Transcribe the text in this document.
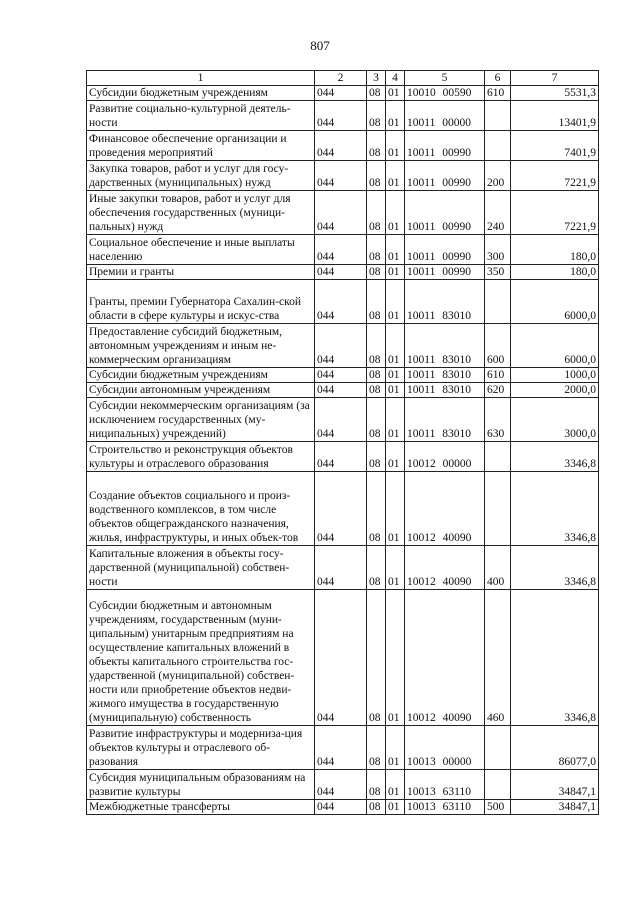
807
1	2	3	4	5	6	7
Субсидии бюджетным учреждениям	044	08	01	10010 00590	610	5531,3
Развитие социально-культурной деятель-ности	044	08	01	10011 00000		13401,9
Финансовое обеспечение организации и проведения мероприятий	044	08	01	10011 00990		7401,9
Закупка товаров, работ и услуг для госу-дарственных (муниципальных) нужд	044	08	01	10011 00990	200	7221,9
Иные закупки товаров, работ и услуг для обеспечения государственных (муници-пальных) нужд	044	08	01	10011 00990	240	7221,9
Социальное обеспечение и иные выплаты населению	044	08	01	10011 00990	300	180,0
Премии и гранты	044	08	01	10011 00990	350	180,0
Гранты, премии Губернатора Сахалин-ской области в сфере культуры и искус-ства	044	08	01	10011 83010		6000,0
Предоставление субсидий бюджетным, автономным учреждениям и иным не-коммерческим организациям	044	08	01	10011 83010	600	6000,0
Субсидии бюджетным учреждениям	044	08	01	10011 83010	610	1000,0
Субсидии автономным учреждениям	044	08	01	10011 83010	620	2000,0
Субсидии некоммерческим организациям (за исключением государственных (му-ниципальных) учреждений)	044	08	01	10011 83010	630	3000,0
Строительство и реконструкция объектов культуры и отраслевого образования	044	08	01	10012 00000		3346,8
Создание объектов социального и произ-водственного комплексов, в том числе объектов общегражданского назначения, жилья, инфраструктуры, и иных объек-тов	044	08	01	10012 40090		3346,8
Капитальные вложения в объекты госу-дарственной (муниципальной) собствен-ности	044	08	01	10012 40090	400	3346,8
Субсидии бюджетным и автономным учреждениям, государственным (муни-ципальным) унитарным предприятиям на осуществление капитальных вложений в объекты капитального строительства гос-ударственной (муниципальной) собствен-ности или приобретение объектов недви-жимого имущества в государственную (муниципальную) собственность	044	08	01	10012 40090	460	3346,8
Развитие инфраструктуры и модерниза-ция объектов культуры и отраслевого об-разования	044	08	01	10013 00000		86077,0
Субсидия муниципальным образованиям на развитие культуры	044	08	01	10013 63110		34847,1
Межбюджетные трансферты	044	08	01	10013 63110	500	34847,1
